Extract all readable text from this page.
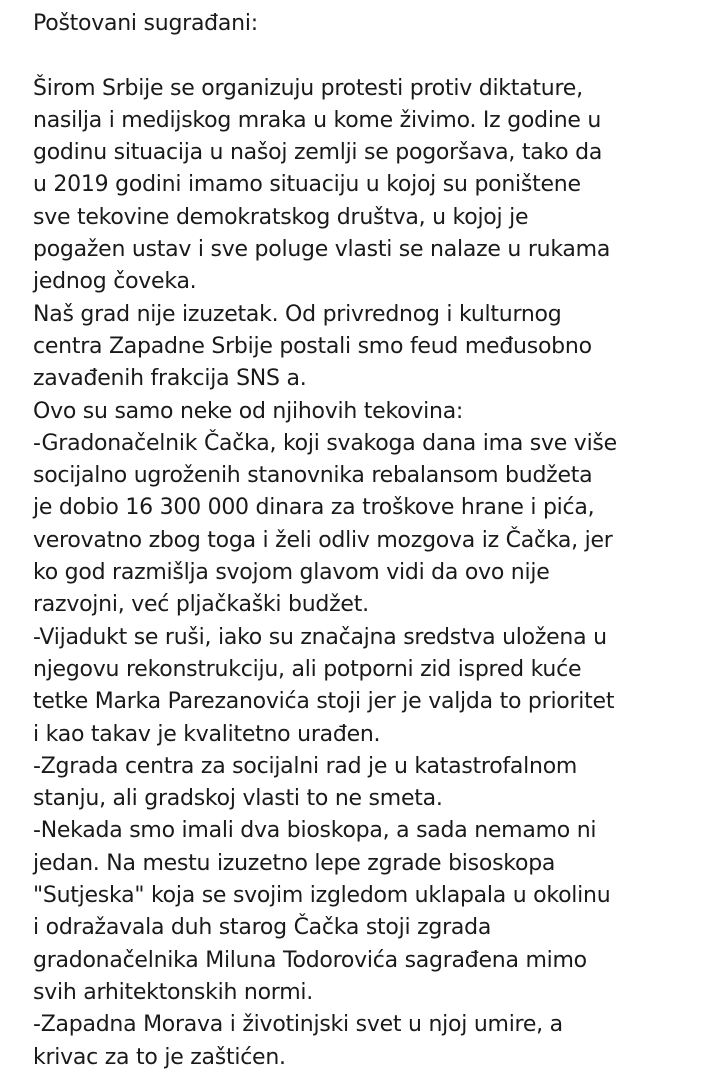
Poštovani sugrađani:
Širom Srbije se organizuju protesti protiv diktature,
nasilja i medijskog mraka u kome živimo. Iz godine u
godinu situacija u našoj zemlji se pogoršava, tako da
u 2019 godini imamo situaciju u kojoj su poništene
sve tekovine demokratskog društva, u kojoj je
pogažen ustav i sve poluge vlasti se nalaze u rukama
jednog čoveka.
Naš grad nije izuzetak. Od privrednog i kulturnog
centra Zapadne Srbije postali smo feud međusobno
zavađenih frakcija SNS a.
Ovo su samo neke od njihovih tekovina:
-Gradonačelnik Čačka, koji svakoga dana ima sve više
socijalno ugroženih stanovnika rebalansom budžeta
je dobio 16 300 000 dinara za troškove hrane i pića,
verovatno zbog toga i želi odliv mozgova iz Čačka, jer
ko god razmišlja svojom glavom vidi da ovo nije
razvojni, već pljačkaški budžet.
-Vijadukt se ruši, iako su značajna sredstva uložena u
njegovu rekonstrukciju, ali potporni zid ispred kuće
tetke Marka Parezanovića stoji jer je valjda to prioritet
i kao takav je kvalitetno urađen.
-Zgrada centra za socijalni rad je u katastrofalnom
stanju, ali gradskoj vlasti to ne smeta.
-Nekada smo imali dva bioskopa, a sada nemamo ni
jedan. Na mestu izuzetno lepe zgrade bisoskopa
"Sutjeska" koja se svojim izgledom uklapala u okolinu
i odražavala duh starog Čačka stoji zgrada
gradonačelnika Miluna Todorovića sagrađena mimo
svih arhitektonskih normi.
-Zapadna Morava i životinjski svet u njoj umire, a
krivac za to je zaštićen.
